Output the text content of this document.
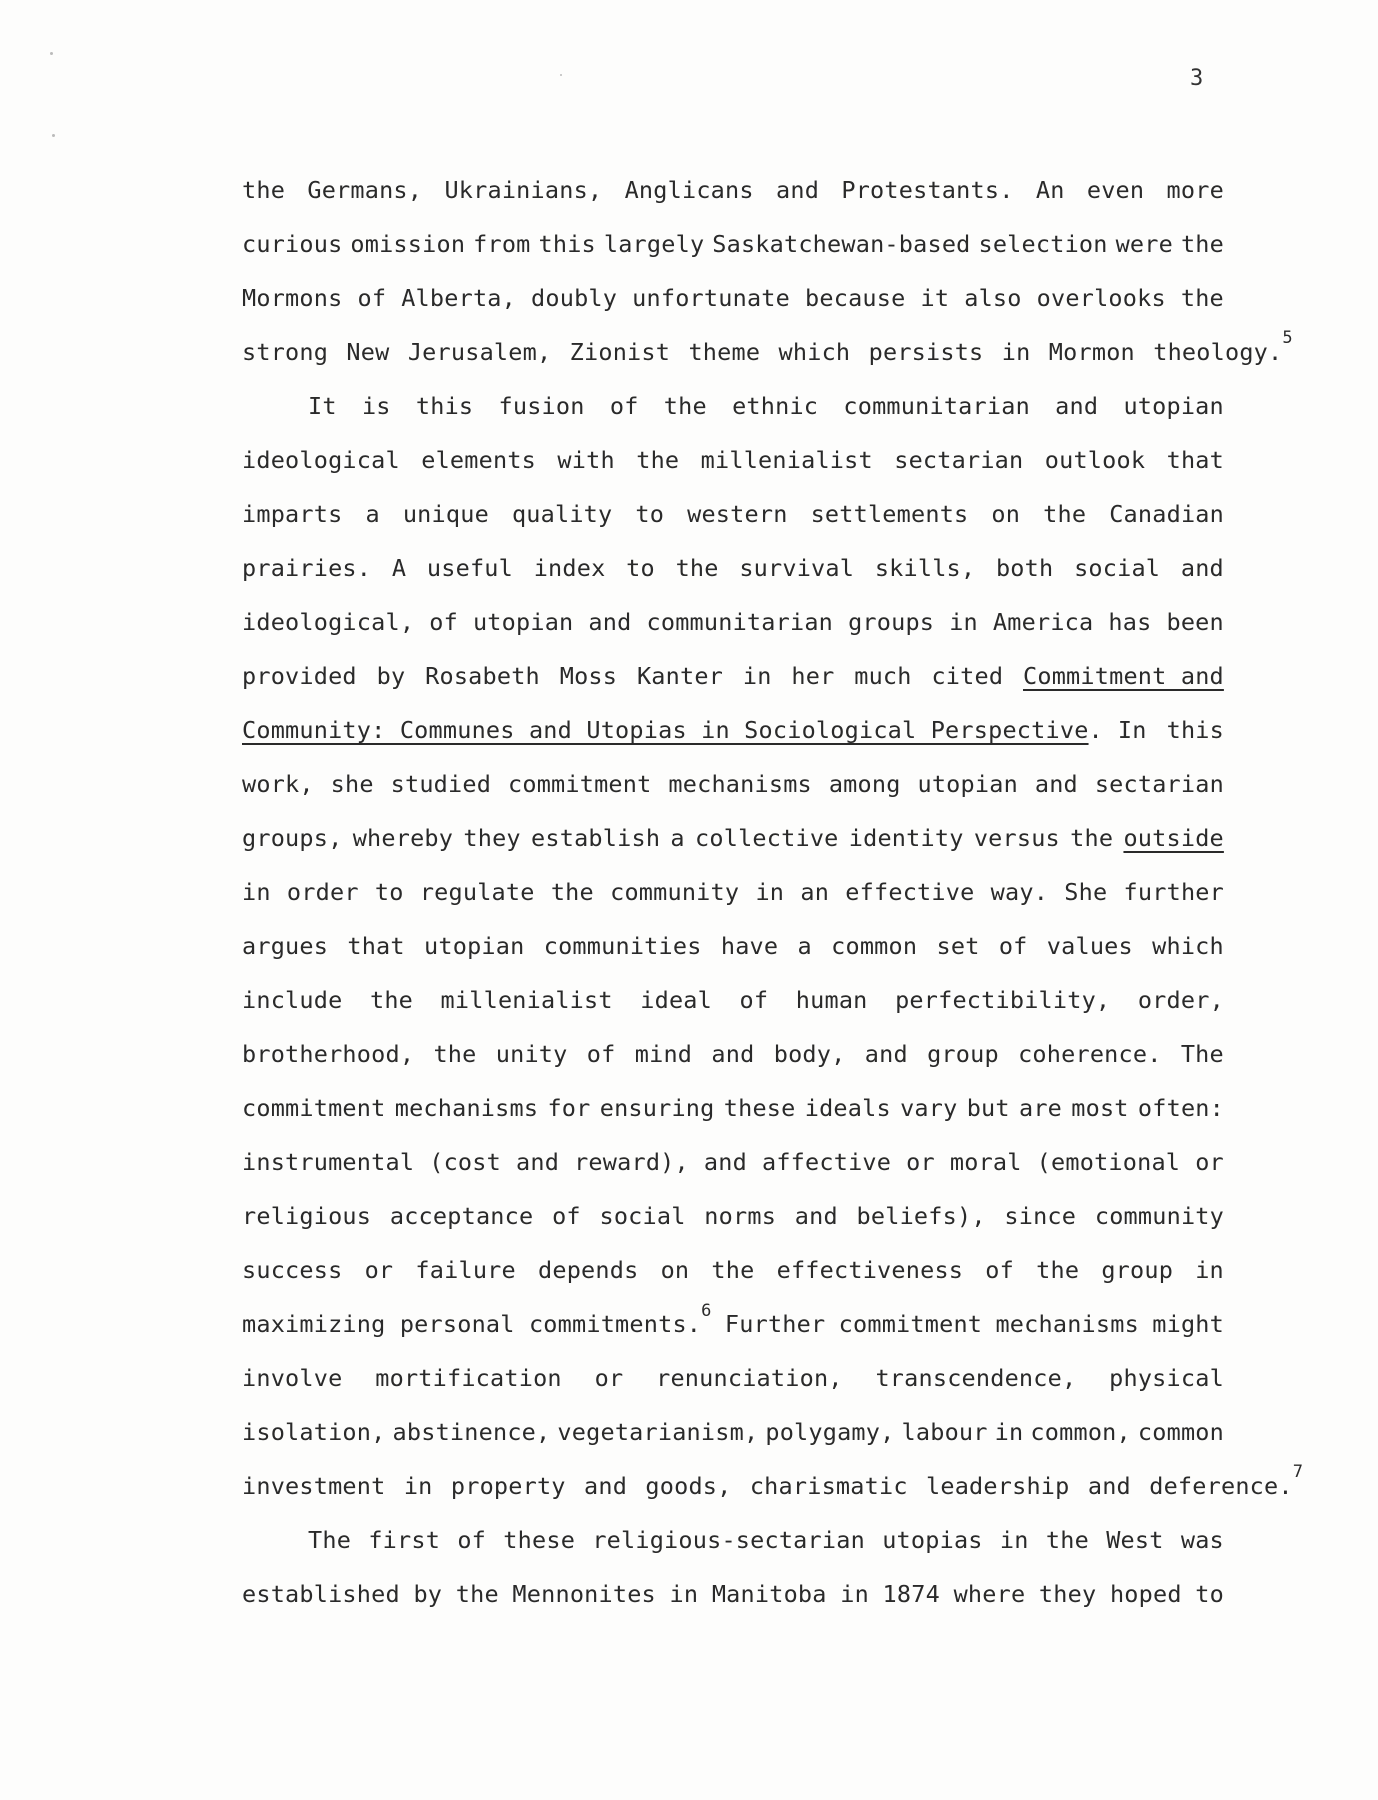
3
the Germans, Ukrainians, Anglicans and Protestants. An even more
curious omission from this largely Saskatchewan-based selection were the
Mormons of Alberta, doubly unfortunate because it also overlooks the
strong New Jerusalem, Zionist theme which persists in Mormon theology. 5
It is this fusion of the ethnic communitarian and utopian
ideological elements with the millenialist sectarian outlook that
imparts a unique quality to western settlements on the Canadian
prairies. A useful index to the survival skills, both social and
ideological, of utopian and communitarian groups in America has been
provided by Rosabeth Moss Kanter in her much cited Commitment and
Community: Communes and Utopias in Sociological Perspective . In this
work, she studied commitment mechanisms among utopian and sectarian
groups, whereby they establish a collective identity versus the outside
in order to regulate the community in an effective way. She further
argues that utopian communities have a common set of values which
include the millenialist ideal of human perfectibility, order,
brotherhood, the unity of mind and body, and group coherence. The
commitment mechanisms for ensuring these ideals vary but are most often:
instrumental (cost and reward), and affective or moral (emotional or
religious acceptance of social norms and beliefs), since community
success or failure depends on the effectiveness of the group in
maximizing personal commitments.$^6$ Further commitment mechanisms might
involve mortification or renunciation, transcendence, physical
isolation, abstinence, vegetarianism, polygamy, labour in common, common
investment in property and goods, charismatic leadership and deference. 7
The first of these religious-sectarian utopias in the West was
established by the Mennonites in Manitoba in 1874 where they hoped to
